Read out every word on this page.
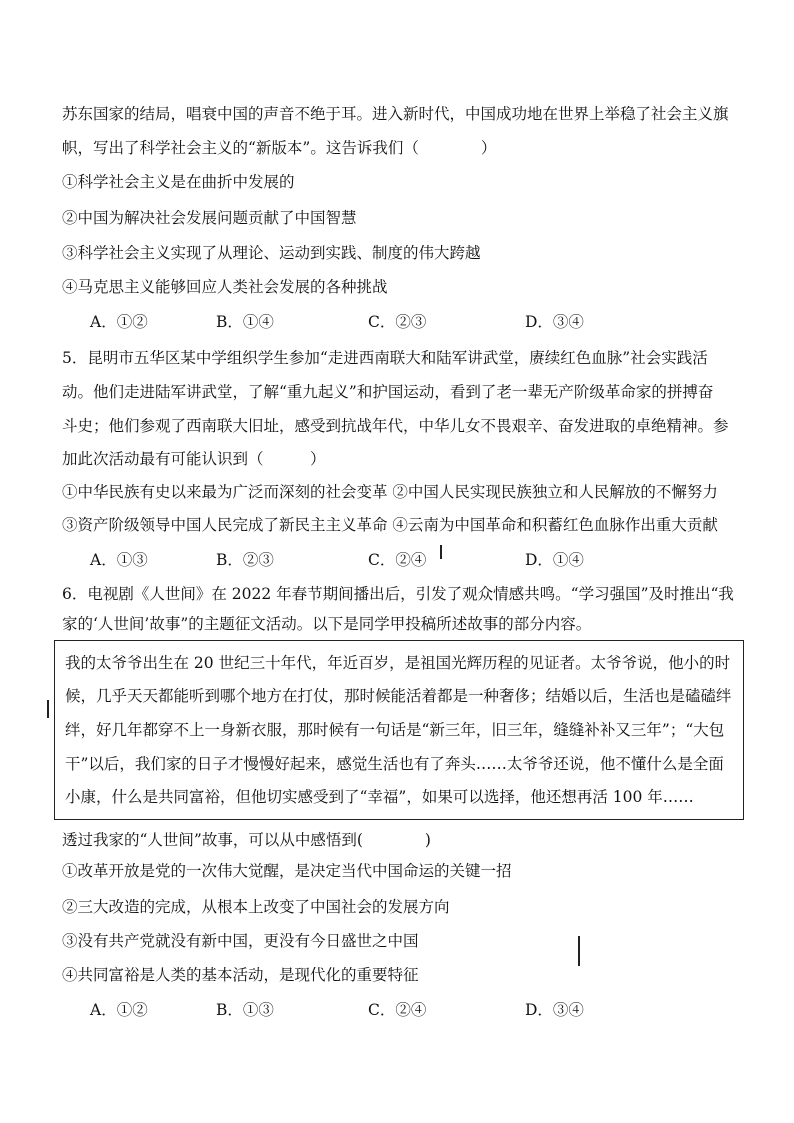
苏东国家的结局，唱衰中国的声音不绝于耳。进入新时代，中国成功地在世界上举稳了社会主义旗
帜，写出了科学社会主义的“新版本”。这告诉我们（　　　　）
①科学社会主义是在曲折中发展的
②中国为解决社会发展问题贡献了中国智慧
③科学社会主义实现了从理论、运动到实践、制度的伟大跨越
④马克思主义能够回应人类社会发展的各种挑战
A．①②	B．①④	C．②③	D．③④
5．昆明市五华区某中学组织学生参加“走进西南联大和陆军讲武堂，赓续红色血脉”社会实践活
动。他们走进陆军讲武堂，了解“重九起义”和护国运动，看到了老一辈无产阶级革命家的拼搏奋
斗史；他们参观了西南联大旧址，感受到抗战年代，中华儿女不畏艰辛、奋发进取的卓绝精神。参
加此次活动最有可能认识到（　　　）
①中华民族有史以来最为广泛而深刻的社会变革 ②中国人民实现民族独立和人民解放的不懈努力
③资产阶级领导中国人民完成了新民主主义革命 ④云南为中国革命和积蓄红色血脉作出重大贡献
A．①③	B．②③	C．②④	D．①④
6．电视剧《人世间》在 2022 年春节期间播出后，引发了观众情感共鸣。“学习强国”及时推出“我
家的‘人世间’故事”的主题征文活动。以下是同学甲投稿所述故事的部分内容。
我的太爷爷出生在 20 世纪三十年代，年近百岁，是祖国光辉历程的见证者。太爷爷说，他小的时
候，几乎天天都能听到哪个地方在打仗，那时候能活着都是一种奢侈；结婚以后，生活也是磕磕绊
绊，好几年都穿不上一身新衣服，那时候有一句话是“新三年，旧三年，缝缝补补又三年”；“大包
干”以后，我们家的日子才慢慢好起来，感觉生活也有了奔头……太爷爷还说，他不懂什么是全面
小康，什么是共同富裕，但他切实感受到了“幸福”，如果可以选择，他还想再活 100 年……
透过我家的“人世间”故事，可以从中感悟到(　　　　)
①改革开放是党的一次伟大觉醒，是决定当代中国命运的关键一招
②三大改造的完成，从根本上改变了中国社会的发展方向
③没有共产党就没有新中国，更没有今日盛世之中国
④共同富裕是人类的基本活动，是现代化的重要特征
A．①②	B．①③	C．②④	D．③④
